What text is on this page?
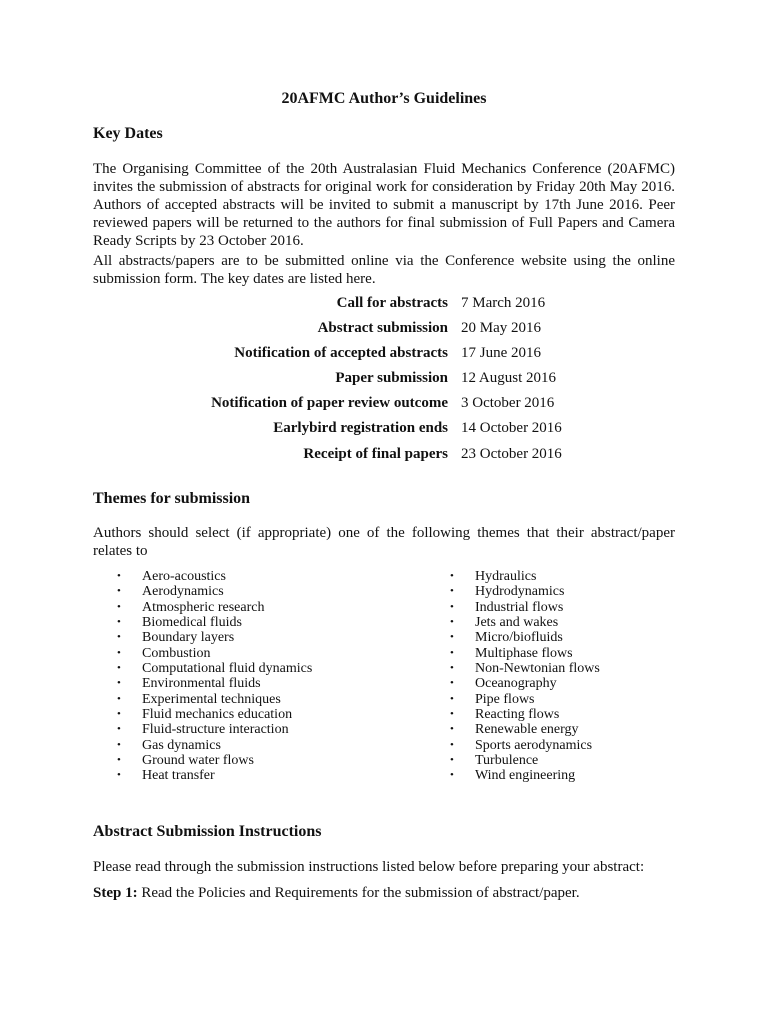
20AFMC Author’s Guidelines
Key Dates

The Organising Committee of the 20th Australasian Fluid Mechanics Conference (20AFMC) invites the submission of abstracts for original work for consideration by Friday 20th May 2016. Authors of accepted abstracts will be invited to submit a manuscript by 17th June 2016. Peer reviewed papers will be returned to the authors for final submission of Full Papers and Camera Ready Scripts by 23 October 2016.

All abstracts/papers are to be submitted online via the Conference website using the online submission form. The key dates are listed here.

Call for abstracts 7 March 2016
Abstract submission 20 May 2016
Notification of accepted abstracts 17 June 2016
Paper submission 12 August 2016
Notification of paper review outcome 3 October 2016
Earlybird registration ends 14 October 2016
Receipt of final papers 23 October 2016
Themes for submission

Authors should select (if appropriate) one of the following themes that their abstract/paper relates to

• Aero-acoustics
• Aerodynamics
• Atmospheric research
• Biomedical fluids
• Boundary layers
• Combustion
• Computational fluid dynamics
• Environmental fluids
• Experimental techniques
• Fluid mechanics education
• Fluid-structure interaction
• Gas dynamics
• Ground water flows
• Heat transfer
• Hydraulics
• Hydrodynamics
• Industrial flows
• Jets and wakes
• Micro/biofluids
• Multiphase flows
• Non-Newtonian flows
• Oceanography
• Pipe flows
• Reacting flows
• Renewable energy
• Sports aerodynamics
• Turbulence
• Wind engineering
Abstract Submission Instructions

Please read through the submission instructions listed below before preparing your abstract:

Step 1: Read the Policies and Requirements for the submission of abstract/paper.
